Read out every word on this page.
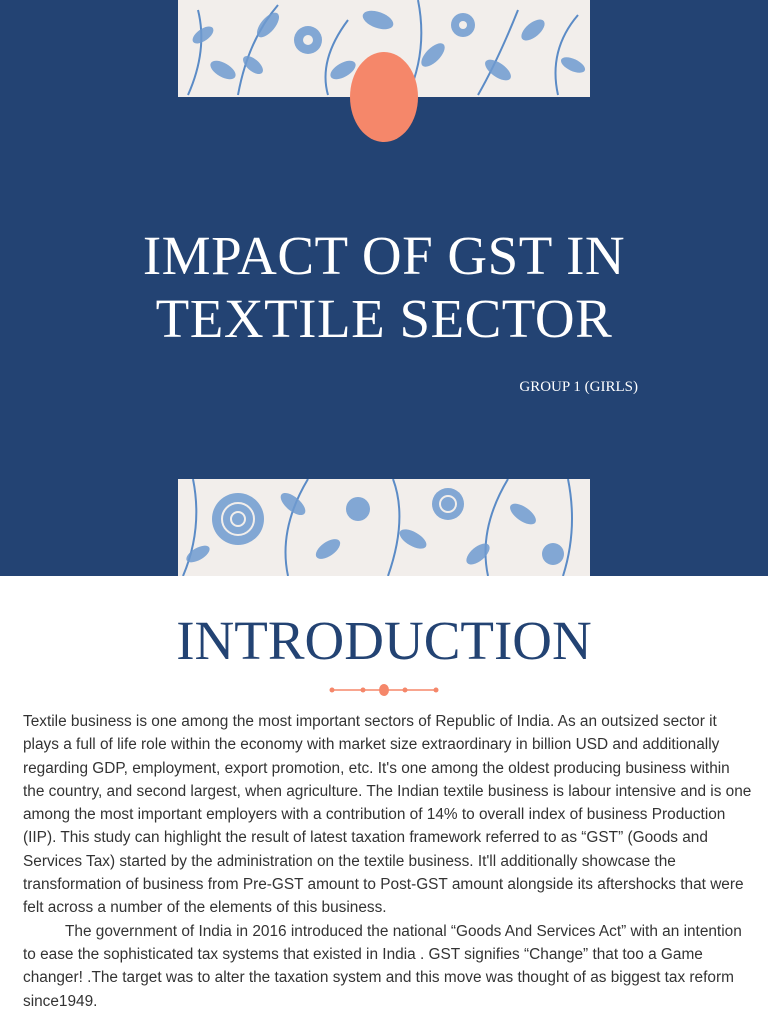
IMPACT OF GST IN
TEXTILE SECTOR
GROUP 1 (GIRLS)
INTRODUCTION

Textile business is one among the most important sectors of Republic of India. As an outsized sector it plays a full of life role within the economy with market size extraordinary in billion USD and additionally regarding GDP, employment, export promotion, etc. It's one among the oldest producing business within the country, and second largest, when agriculture. The Indian textile business is labour intensive and is one among the most important employers with a contribution of 14% to overall index of business Production (IIP). This study can highlight the result of latest taxation framework referred to as “GST” (Goods and Services Tax) started by the administration on the textile business. It'll additionally showcase the transformation of business from Pre-GST amount to Post-GST amount alongside its aftershocks that were felt across a number of the elements of this business.

The government of India in 2016 introduced the national “Goods And Services Act” with an intention to ease the sophisticated tax systems that existed in India . GST signifies “Change” that too a Game changer! .The target was to alter the taxation system and this move was thought of as biggest tax reform since1949.
